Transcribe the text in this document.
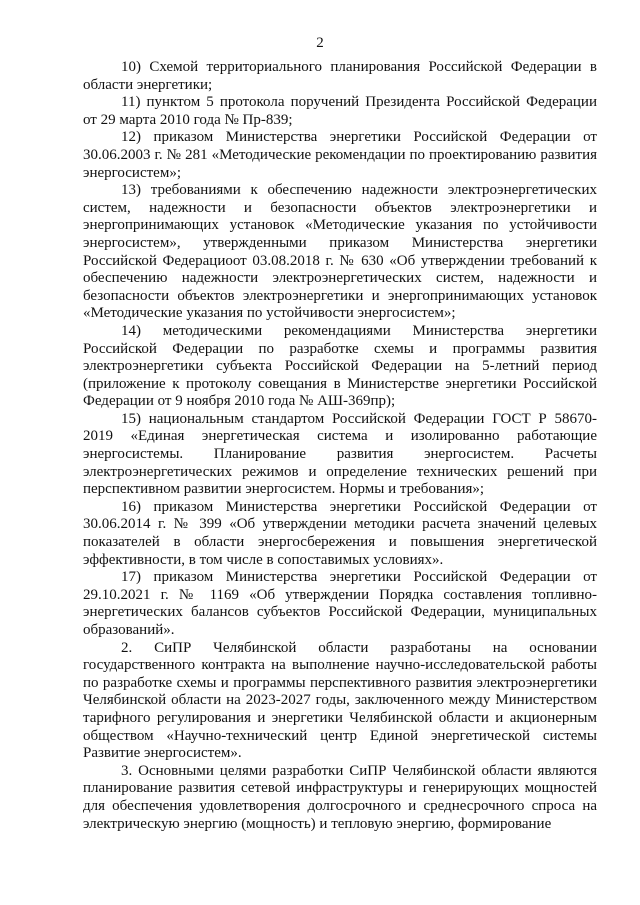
2

10) Схемой территориального планирования Российской Федерации в области энергетики;

11) пунктом 5 протокола поручений Президента Российской Федерации от 29 марта 2010 года № Пр-839;

12) приказом Министерства энергетики Российской Федерации от 30.06.2003 г. № 281 «Методические рекомендации по проектированию развития энергосистем»;

13) требованиями к обеспечению надежности электроэнергетических систем, надежности и безопасности объектов электроэнергетики и энергопринимающих установок «Методические указания по устойчивости энергосистем», утвержденными приказом Министерства энергетики Российской Федерациоот 03.08.2018 г. № 630 «Об утверждении требований к обеспечению надежности электроэнергетических систем, надежности и безопасности объектов электроэнергетики и энергопринимающих установок «Методические указания по устойчивости энергосистем»;

14) методическими рекомендациями Министерства энергетики Российской Федерации по разработке схемы и программы развития электроэнергетики субъекта Российской Федерации на 5-летний период (приложение к протоколу совещания в Министерстве энергетики Российской Федерации от 9 ноября 2010 года № АШ-369пр);

15) национальным стандартом Российской Федерации ГОСТ Р 58670-2019 «Единая энергетическая система и изолированно работающие энергосистемы. Планирование развития энергосистем. Расчеты электроэнергетических режимов и определение технических решений при перспективном развитии энергосистем. Нормы и требования»;

16) приказом Министерства энергетики Российской Федерации от 30.06.2014 г. № 399 «Об утверждении методики расчета значений целевых показателей в области энергосбережения и повышения энергетической эффективности, в том числе в сопоставимых условиях».

17) приказом Министерства энергетики Российской Федерации от 29.10.2021 г. № 1169 «Об утверждении Порядка составления топливно-энергетических балансов субъектов Российской Федерации, муниципальных образований».

2. СиПР Челябинской области разработаны на основании государственного контракта на выполнение научно-исследовательской работы по разработке схемы и программы перспективного развития электроэнергетики Челябинской области на 2023-2027 годы, заключенного между Министерством тарифного регулирования и энергетики Челябинской области и акционерным обществом «Научно-технический центр Единой энергетической системы Развитие энергосистем».

3. Основными целями разработки СиПР Челябинской области являются планирование развития сетевой инфраструктуры и генерирующих мощностей для обеспечения удовлетворения долгосрочного и среднесрочного спроса на электрическую энергию (мощность) и тепловую энергию, формирование
